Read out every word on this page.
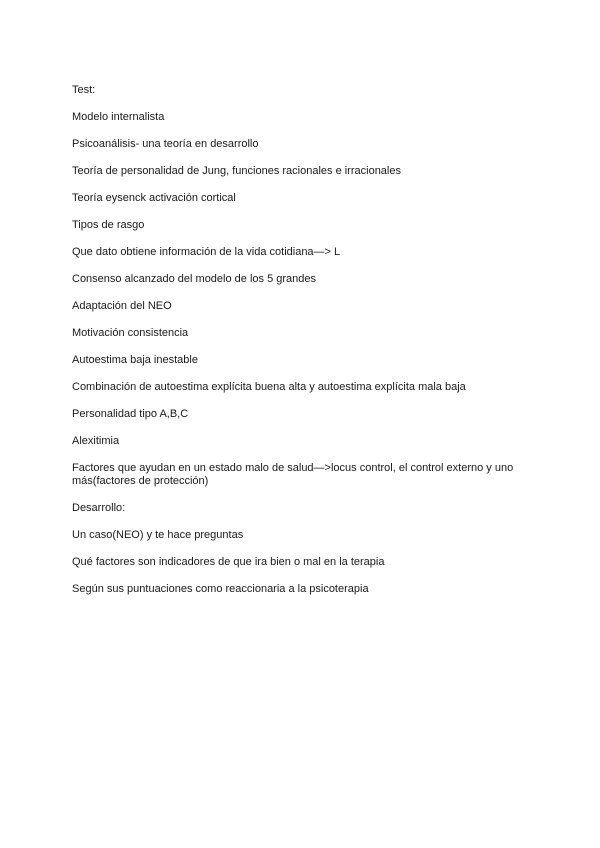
Test:

Modelo internalista

Psicoanálisis- una teoría en desarrollo

Teoría de personalidad de Jung, funciones racionales e irracionales

Teoría eysenck activación cortical

Tipos de rasgo

Que dato obtiene información de la vida cotidiana—> L

Consenso alcanzado del modelo de los 5 grandes

Adaptación del NEO

Motivación consistencia

Autoestima baja inestable

Combinación de autoestima explícita buena alta y autoestima explícita mala baja

Personalidad tipo A,B,C

Alexitimia

Factores que ayudan en un estado malo de salud—>locus control, el control externo y uno más(factores de protección)

Desarrollo:

Un caso(NEO) y te hace preguntas

Qué factores son indicadores de que ira bien o mal en la terapia

Según sus puntuaciones como reaccionaria a la psicoterapia
